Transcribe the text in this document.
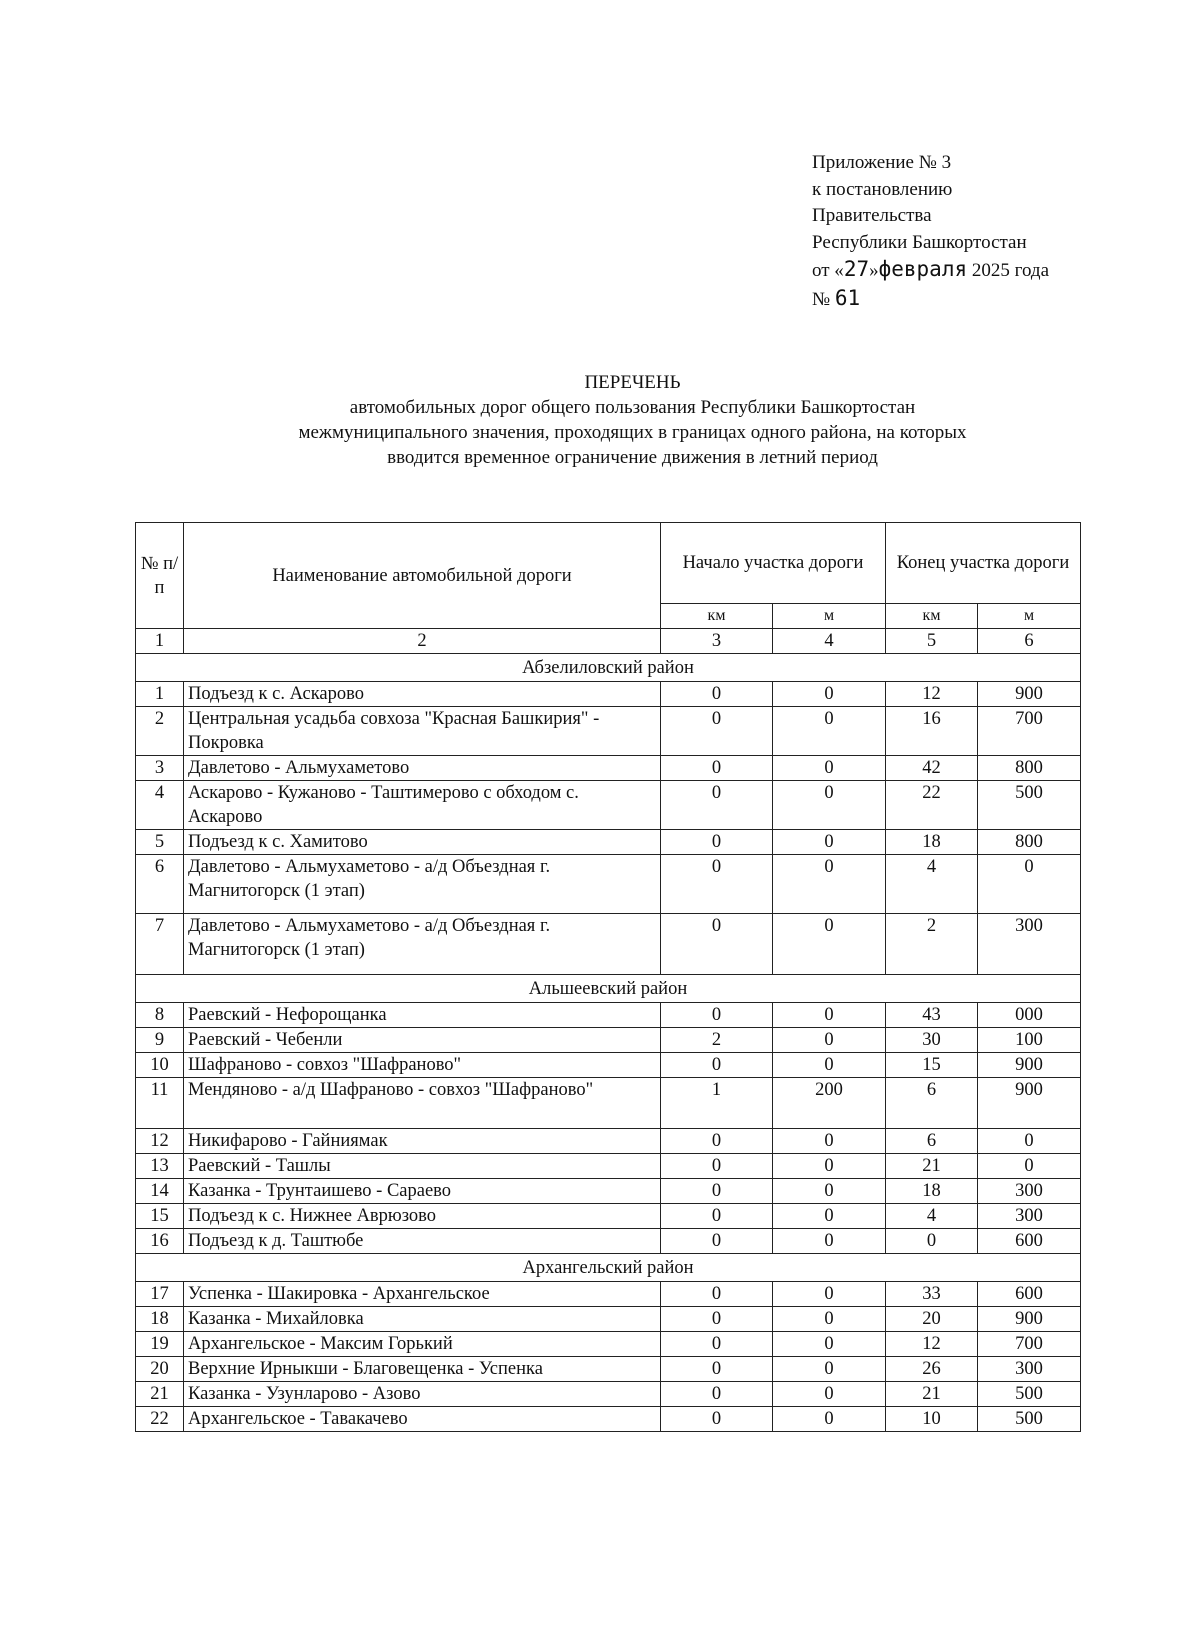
Приложение № 3
к постановлению
Правительства
Республики Башкортостан
от «27»февраля 2025 года
№ 61
ПЕРЕЧЕНЬ
автомобильных дорог общего пользования Республики Башкортостан
межмуниципального значения, проходящих в границах одного района, на которых
вводится временное ограничение движения в летний период
№ п/п	Наименование автомобильной дороги	Начало участка дороги		Конец участка дороги	
		км	м	км	м
1	2	3	4	5	6
Абзелиловский район					
1	Подъезд к с. Аскарово	0	0	12	900
2	Центральная усадьба совхоза "Красная Башкирия" - Покровка	0	0	16	700
3	Давлетово - Альмухаметово	0	0	42	800
4	Аскарово - Кужаново - Таштимерово с обходом с. Аскарово	0	0	22	500
5	Подъезд к с. Хамитово	0	0	18	800
6	Давлетово - Альмухаметово - а/д Объездная г. Магнитогорск (1 этап)	0	0	4	0
7	Давлетово - Альмухаметово - а/д Объездная г. Магнитогорск (1 этап)	0	0	2	300
Альшеевский район					
8	Раевский - Нефорощанка	0	0	43	000
9	Раевский - Чебенли	2	0	30	100
10	Шафраново - совхоз "Шафраново"	0	0	15	900
11	Мендяново - а/д Шафраново - совхоз "Шафраново"	1	200	6	900
12	Никифарово - Гайниямак	0	0	6	0
13	Раевский - Ташлы	0	0	21	0
14	Казанка - Трунтаишево - Сараево	0	0	18	300
15	Подъезд к с. Нижнее Аврюзово	0	0	4	300
16	Подъезд к д. Таштюбе	0	0	0	600
Архангельский район					
17	Успенка - Шакировка - Архангельское	0	0	33	600
18	Казанка - Михайловка	0	0	20	900
19	Архангельское - Максим Горький	0	0	12	700
20	Верхние Ирныкши - Благовещенка - Успенка	0	0	26	300
21	Казанка - Узунларово - Азово	0	0	21	500
22	Архангельское - Тавакачево	0	0	10	500
